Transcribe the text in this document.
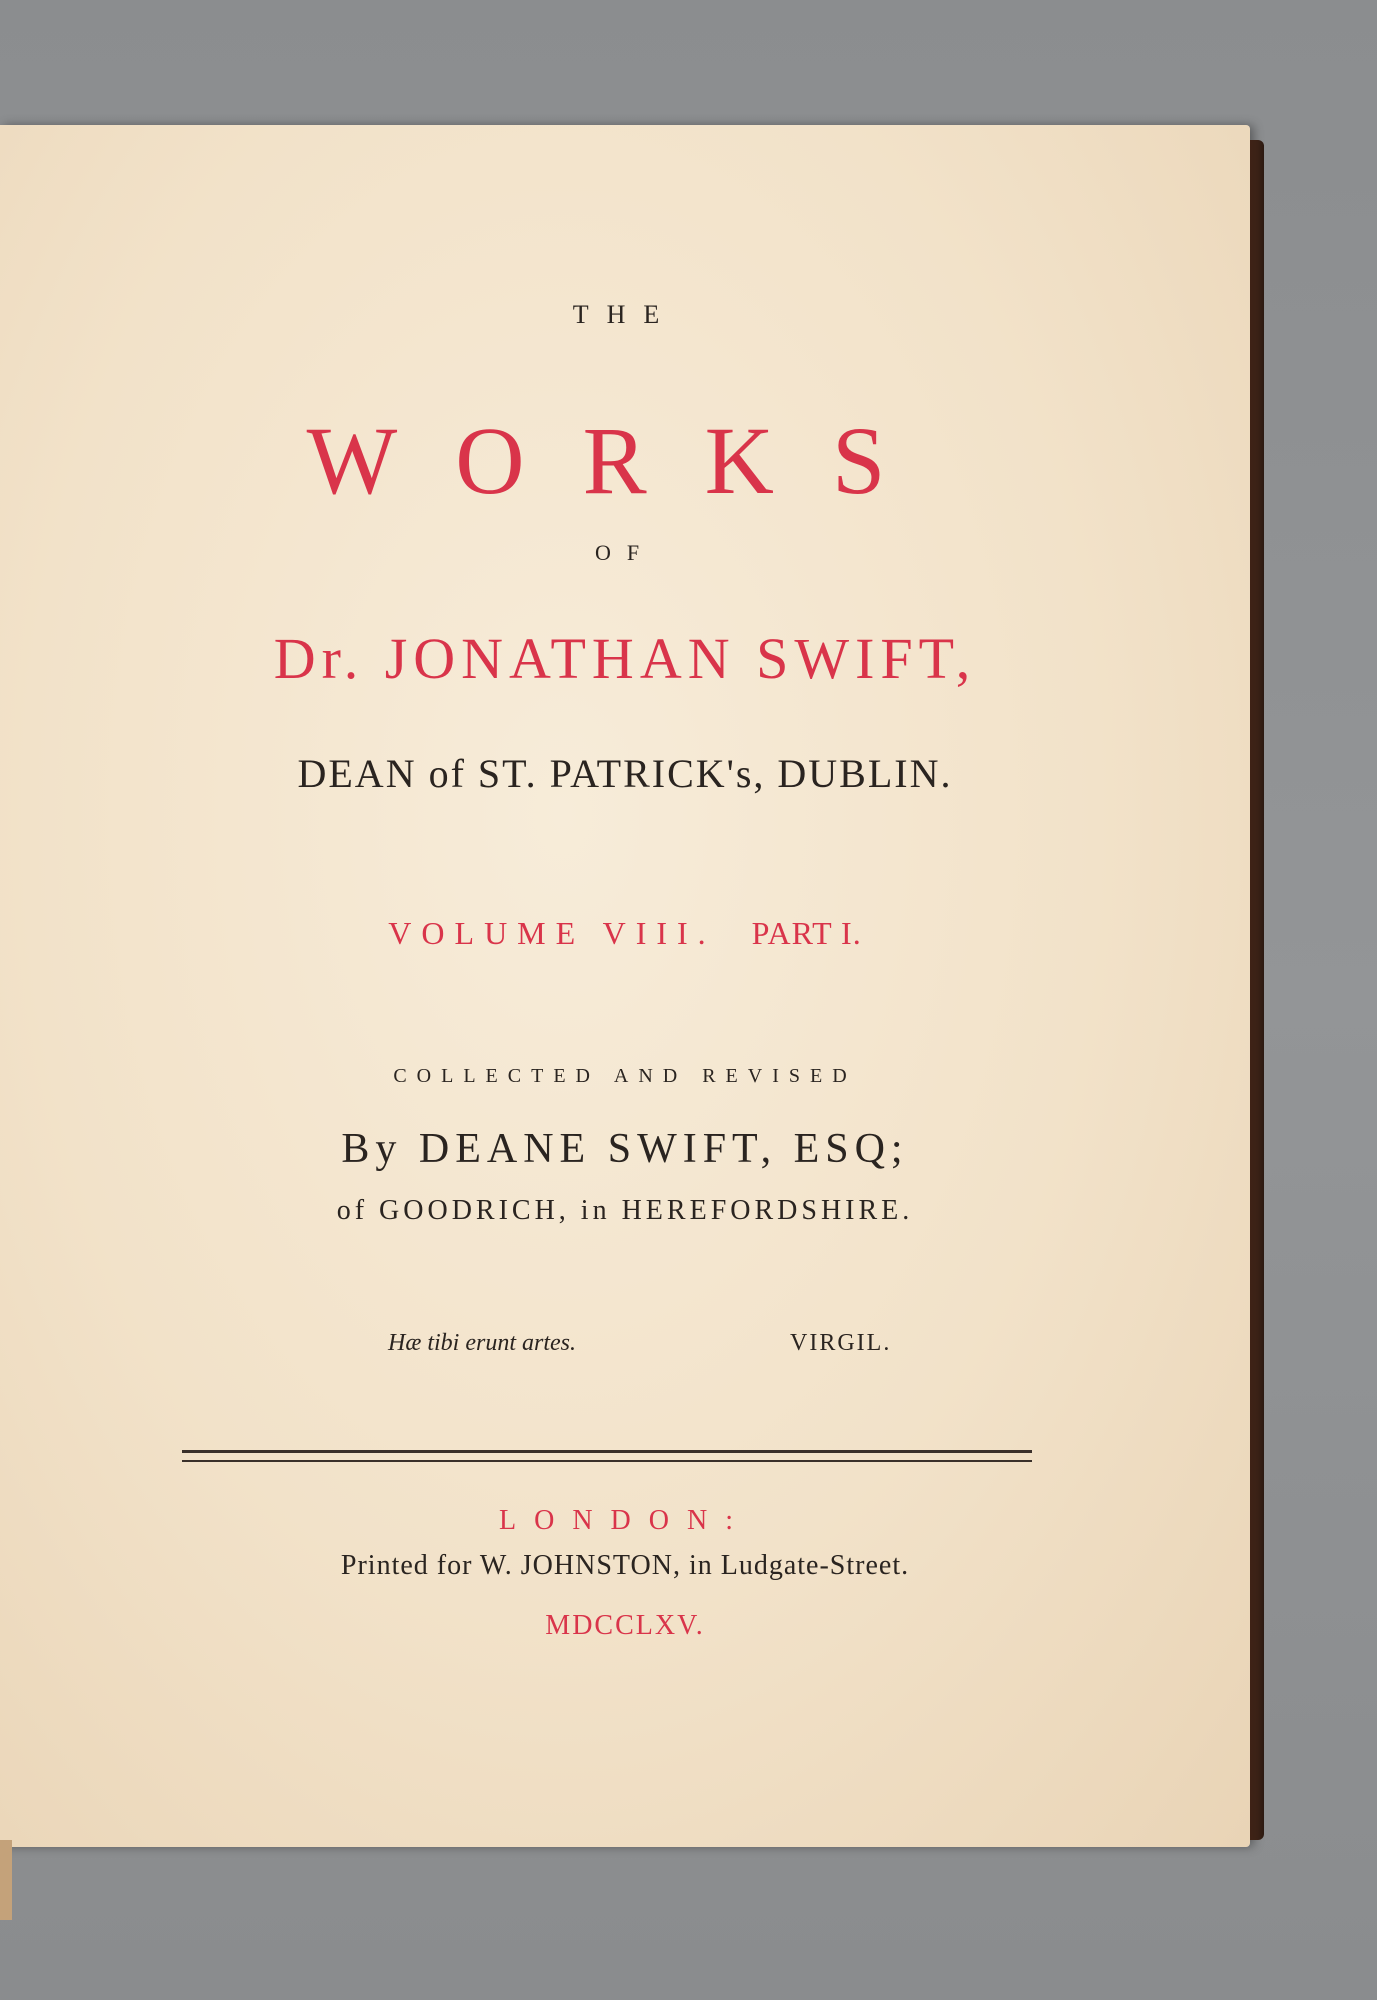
THE

WORKS

OF

Dr. JONATHAN SWIFT,

DEAN of ST. PATRICK's, DUBLIN.

VOLUME VIII. PART I.

COLLECTED AND REVISED

By DEANE SWIFT, ESQ;

of GOODRICH, in HEREFORDSHIRE.

Hæ tibi erunt artes.	VIRGIL.

LONDON:

Printed for W. JOHNSTON, in Ludgate-Street.

MDCCLXV.
